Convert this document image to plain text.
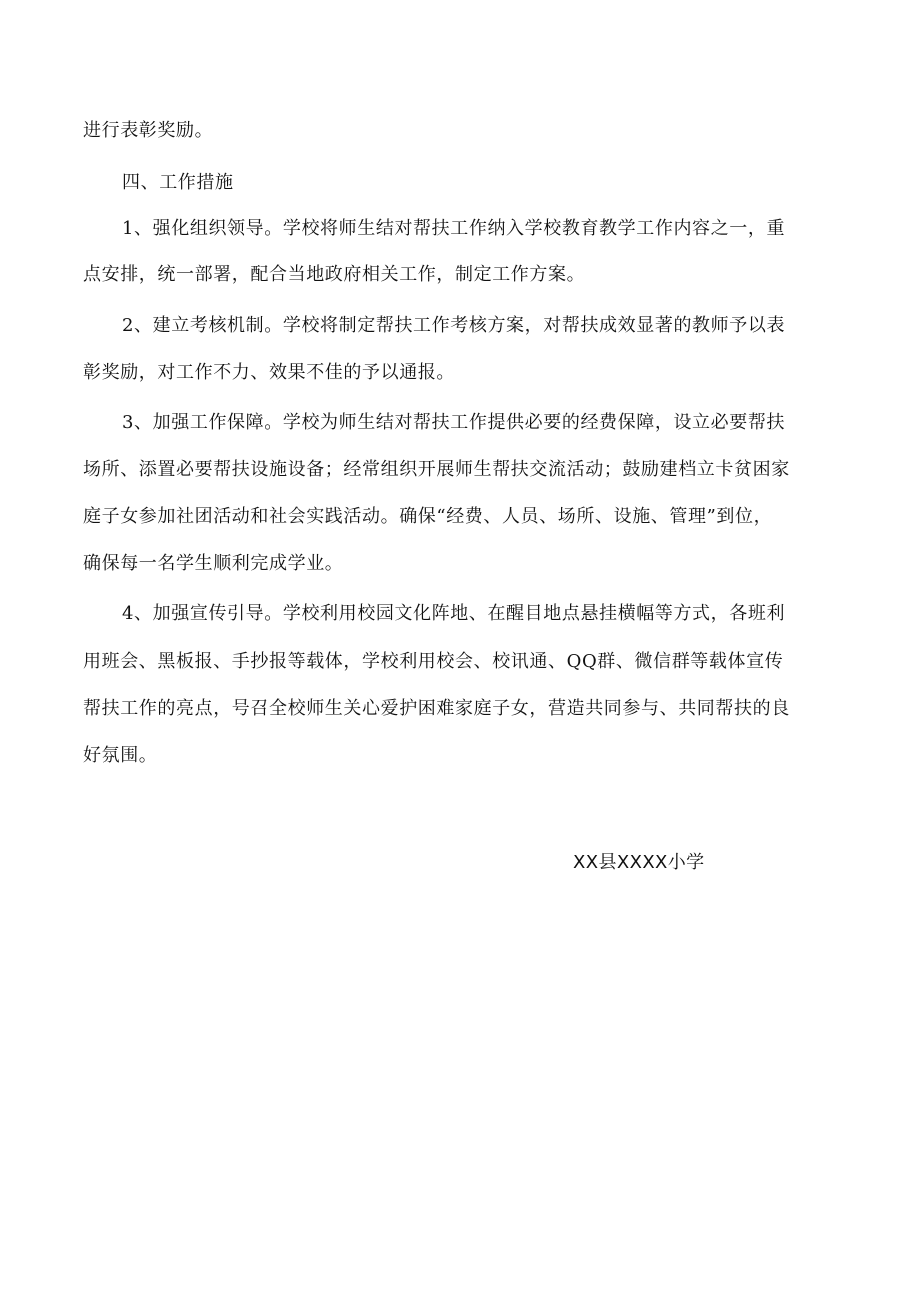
进行表彰奖励。
四、工作措施
1、强化组织领导。学校将师生结对帮扶工作纳入学校教育教学工作内容之一，重
点安排，统一部署，配合当地政府相关工作，制定工作方案。
2、建立考核机制。学校将制定帮扶工作考核方案，对帮扶成效显著的教师予以表
彰奖励，对工作不力、效果不佳的予以通报。
3、加强工作保障。学校为师生结对帮扶工作提供必要的经费保障，设立必要帮扶
场所、添置必要帮扶设施设备；经常组织开展师生帮扶交流活动；鼓励建档立卡贫困家
庭子女参加社团活动和社会实践活动。确保“经费、人员、场所、设施、管理”到位，
确保每一名学生顺利完成学业。
4、加强宣传引导。学校利用校园文化阵地、在醒目地点悬挂横幅等方式，各班利
用班会、黑板报、手抄报等载体，学校利用校会、校讯通、QQ群、微信群等载体宣传
帮扶工作的亮点，号召全校师生关心爱护困难家庭子女，营造共同参与、共同帮扶的良
好氛围。
XX县XXXX小学
